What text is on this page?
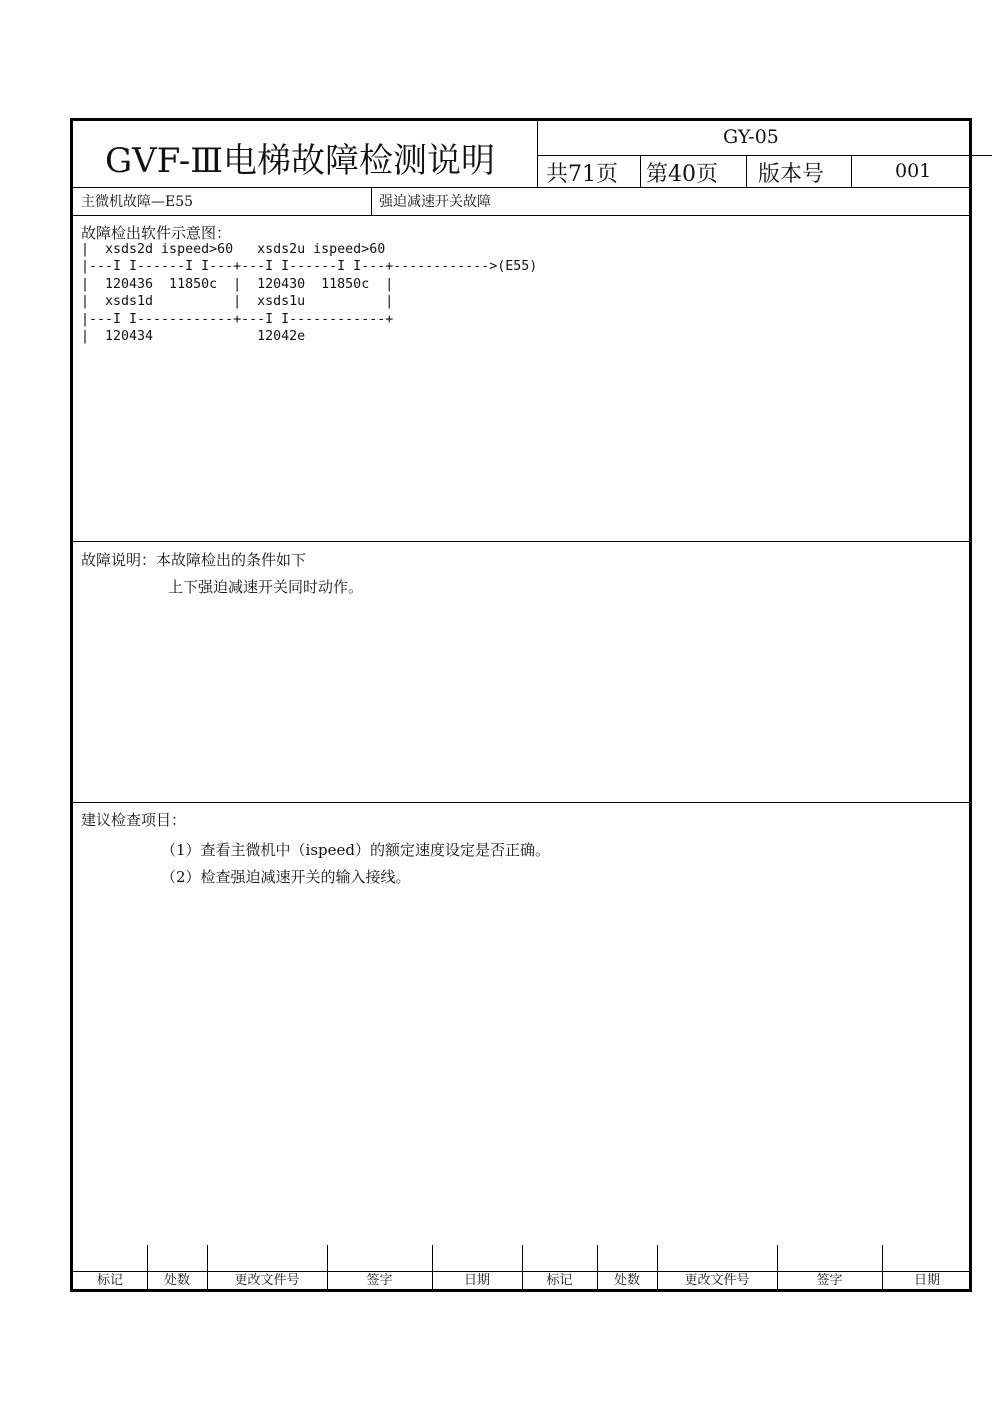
GVF-Ⅲ电梯故障检测说明
GY-05
共71页 第40页 版本号	001
主微机故障—E55	强迫减速开关故障
故障检出软件示意图：
|  xsds2d ispeed>60   xsds2u ispeed>60
|---I I------I I---+---I I------I I---+------------>(E55)
|  120436  11850c  |  120430  11850c  |
|  xsds1d          |  xsds1u          |
|---I I------------+---I I------------+
|  120434             12042e
故障说明：本故障检出的条件如下
上下强迫减速开关同时动作。
建议检查项目：
（1）查看主微机中（ispeed）的额定速度设定是否正确。
（2）检查强迫减速开关的输入接线。
标记	处数	更改文件号	签字	日期	标记	处数	更改文件号	签字	日期
